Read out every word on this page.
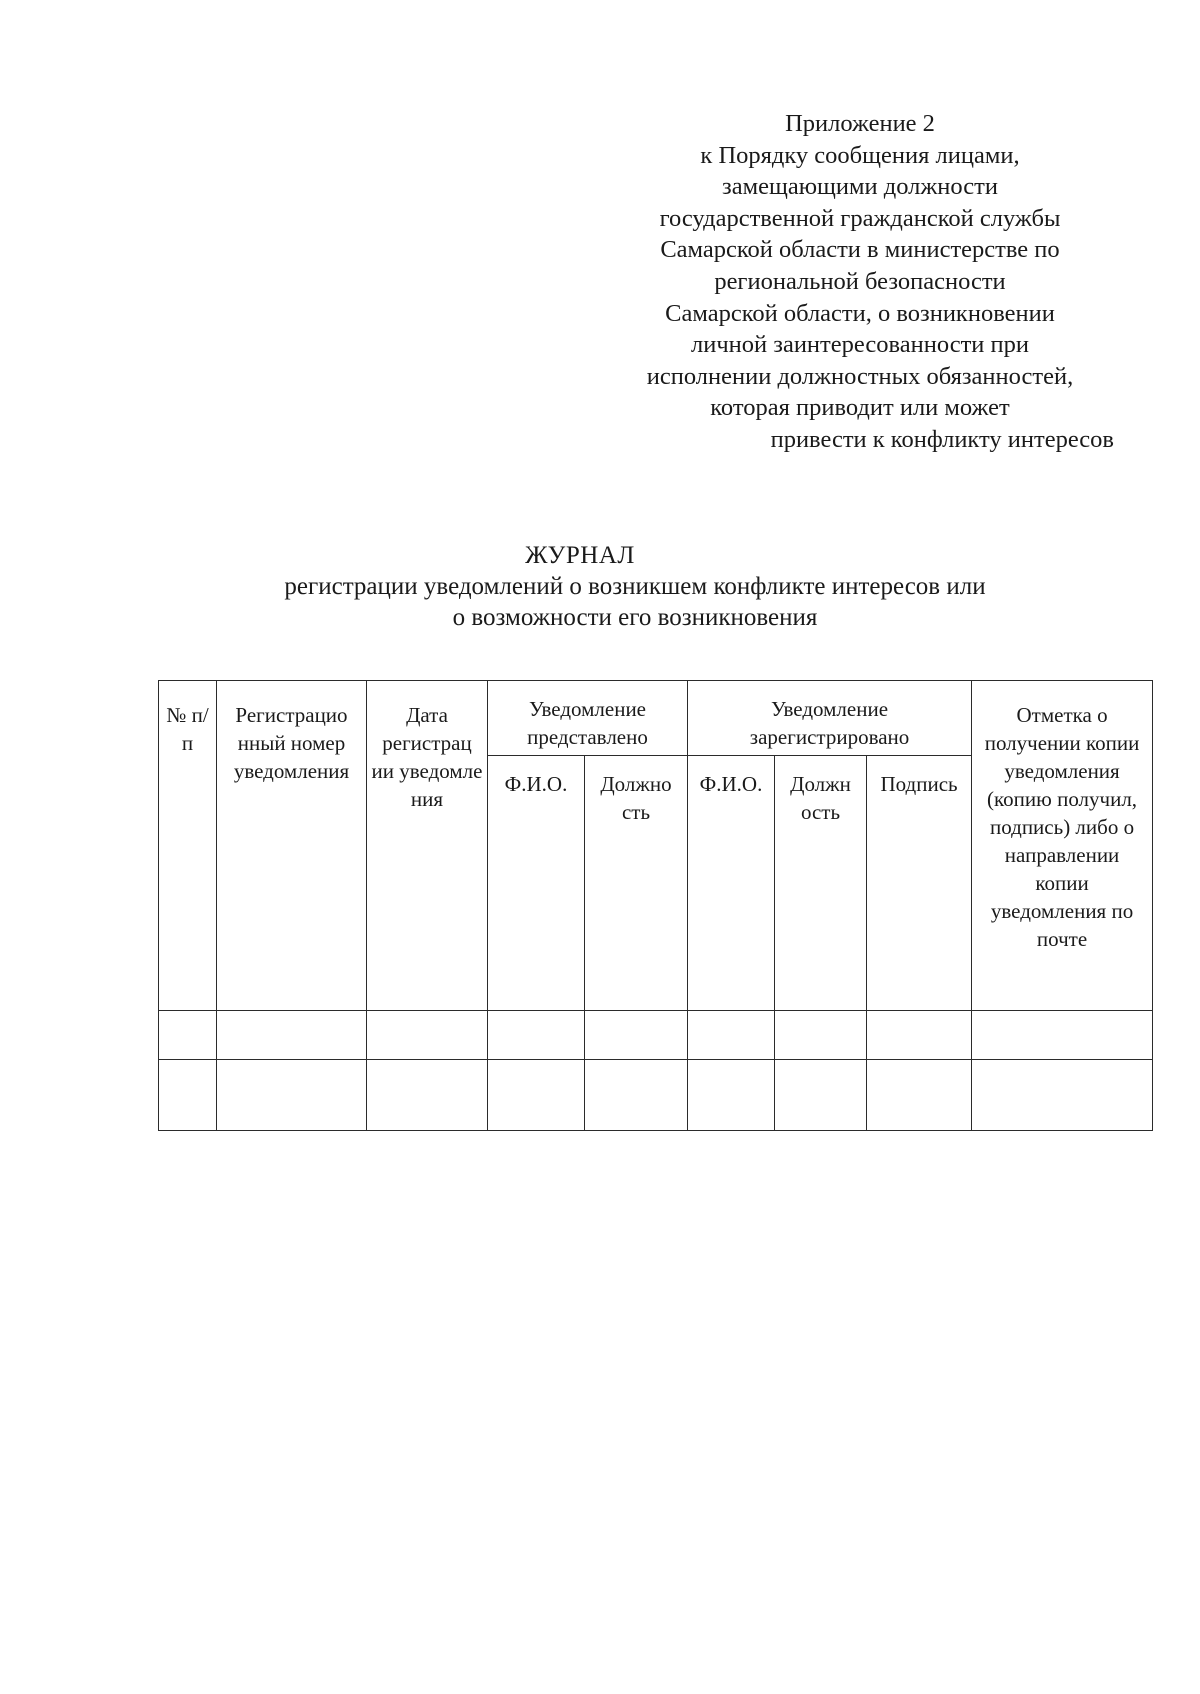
Приложение 2
к Порядку сообщения лицами,
замещающими должности
государственной гражданской службы
Самарской области в министерстве по
региональной безопасности
Самарской области, о возникновении
личной заинтересованности при
исполнении должностных обязанностей,
которая приводит или может
привести к конфликту интересов
ЖУРНАЛ
регистрации уведомлений о возникшем конфликте интересов или
о возможности его возникновения
№ п/п	Регистрацио нный номер уведомления	Дата регистрац ии уведомле ния	Уведомление представлено		Уведомление зарегистрировано			Отметка о получении копии уведомления (копию получил, подпись) либо о направлении копии уведомления по почте
			Ф.И.О.	Должно сть	Ф.И.О.	Должн ость	Подпись	
